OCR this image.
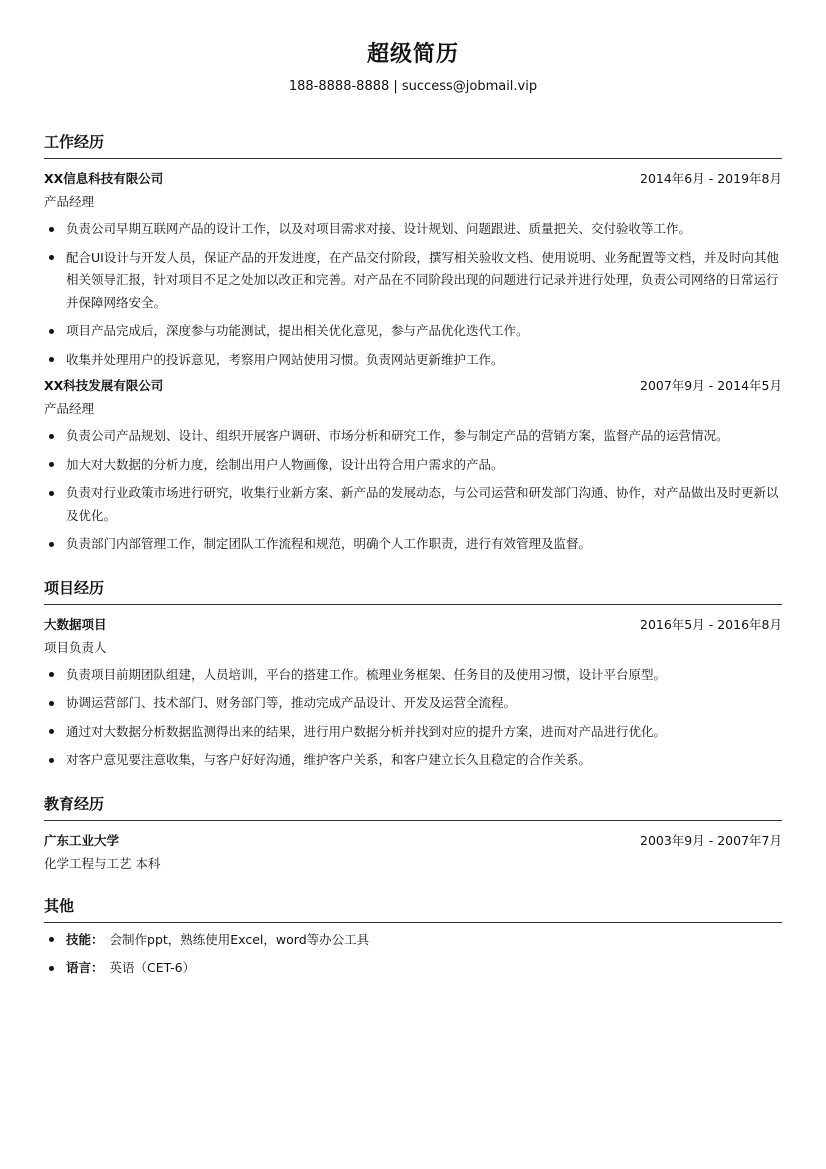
超级简历
188-8888-8888 | success@jobmail.vip
工作经历
XX信息科技有限公司	2014年6月 - 2019年8月
产品经理
负责公司早期互联网产品的设计工作，以及对项目需求对接、设计规划、问题跟进、质量把关、交付验收等工作。
配合UI设计与开发人员，保证产品的开发进度，在产品交付阶段，撰写相关验收文档、使用说明、业务配置等文档，并及时向其他相关领导汇报，针对项目不足之处加以改正和完善。对产品在不同阶段出现的问题进行记录并进行处理，负责公司网络的日常运行并保障网络安全。
项目产品完成后，深度参与功能测试，提出相关优化意见，参与产品优化迭代工作。
收集并处理用户的投诉意见，考察用户网站使用习惯。负责网站更新维护工作。
XX科技发展有限公司	2007年9月 - 2014年5月
产品经理
负责公司产品规划、设计、组织开展客户调研、市场分析和研究工作，参与制定产品的营销方案，监督产品的运营情况。
加大对大数据的分析力度，绘制出用户人物画像，设计出符合用户需求的产品。
负责对行业政策市场进行研究，收集行业新方案、新产品的发展动态，与公司运营和研发部门沟通、协作，对产品做出及时更新以及优化。
负责部门内部管理工作，制定团队工作流程和规范，明确个人工作职责，进行有效管理及监督。
项目经历
大数据项目	2016年5月 - 2016年8月
项目负责人
负责项目前期团队组建，人员培训，平台的搭建工作。梳理业务框架、任务目的及使用习惯，设计平台原型。
协调运营部门、技术部门、财务部门等，推动完成产品设计、开发及运营全流程。
通过对大数据分析数据监测得出来的结果，进行用户数据分析并找到对应的提升方案，进而对产品进行优化。
对客户意见要注意收集，与客户好好沟通，维护客户关系，和客户建立长久且稳定的合作关系。
教育经历
广东工业大学	2003年9月 - 2007年7月
化学工程与工艺 本科
其他
技能： 会制作ppt，熟练使用Excel，word等办公工具
语言： 英语（CET-6）
